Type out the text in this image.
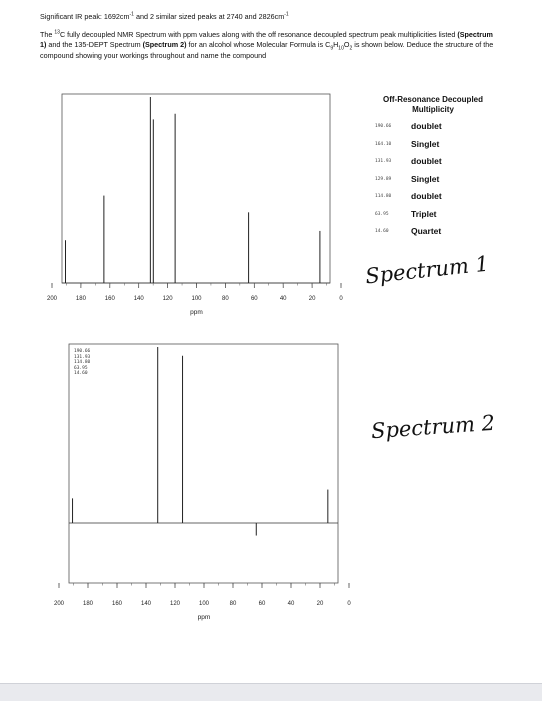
Significant IR peak: $1692cm^{-1}$ and 2 similar sized peaks at 2740 and $2826cm^{-1}$
The $^{13}$C fully decoupled NMR Spectrum with ppm values along with the off resonance decoupled spectrum peak multiplicities listed (Spectrum 1) and the 135-DEPT Spectrum (Spectrum 2) for an alcohol whose Molecular Formula is $C_9H_{10}O_2$ is shown below. Deduce the structure of the compound showing your workings throughout and name the compound
200	180	160	140	120	100	80	60	40	20	0
ppm
200	180	160	140	120	100	80	60	40	20	0
ppm
Off-Resonance Decoupled
Multiplicity
190.66 doublet
164.10 Singlet
131.93 doublet
129.89 Singlet
114.80 doublet
63.95	Triplet
14.60	Quartet
Spectrum 1
Spectrum 2
190.66
131.93
114.80
63.95
14.60
